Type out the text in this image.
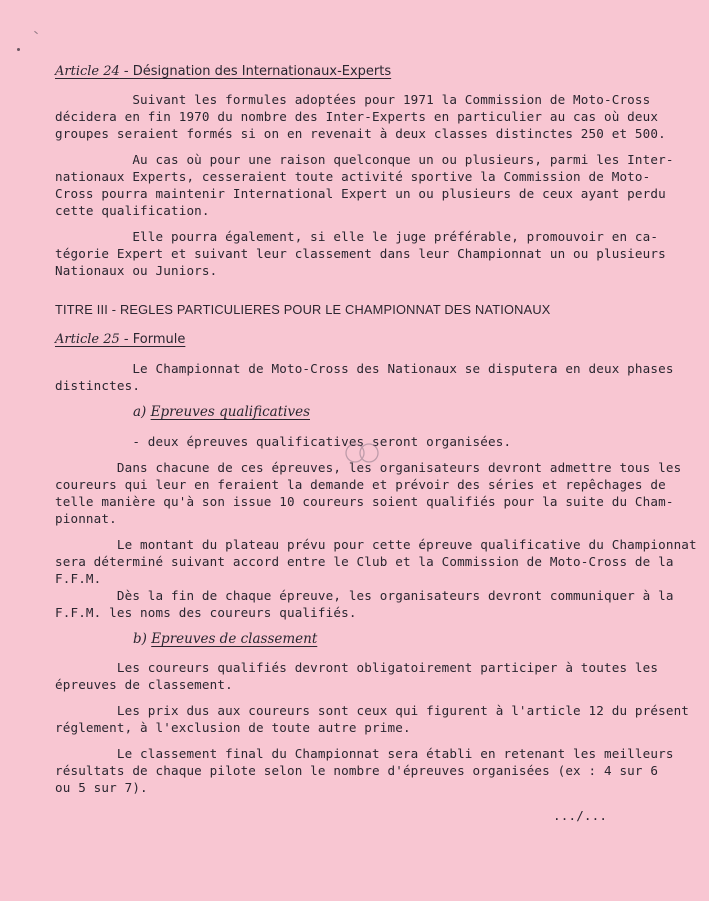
Article 24 - Désignation des Internationaux-Experts
Suivant les formules adoptées pour 1971 la Commission de Moto-Cross
décidera en fin 1970 du nombre des Inter-Experts en particulier au cas où deux
groupes seraient formés si on en revenait à deux classes distinctes 250 et 500.
Au cas où pour une raison quelconque un ou plusieurs, parmi les Inter-
nationaux Experts, cesseraient toute activité sportive la Commission de Moto-
Cross pourra maintenir International Expert un ou plusieurs de ceux ayant perdu
cette qualification.
Elle pourra également, si elle le juge préférable, promouvoir en ca-
tégorie Expert et suivant leur classement dans leur Championnat un ou plusieurs
Nationaux ou Juniors.
TITRE III - REGLES PARTICULIERES POUR LE CHAMPIONNAT DES NATIONAUX
Article 25 - Formule
Le Championnat de Moto-Cross des Nationaux se disputera en deux phases
distinctes.
a) Epreuves qualificatives
- deux épreuves qualificatives seront organisées.
Dans chacune de ces épreuves, les organisateurs devront admettre tous les
coureurs qui leur en feraient la demande et prévoir des séries et repêchages de
telle manière qu'à son issue 10 coureurs soient qualifiés pour la suite du Cham-
pionnat.
Le montant du plateau prévu pour cette épreuve qualificative du Championnat
sera déterminé suivant accord entre le Club et la Commission de Moto-Cross de la
F.F.M.
Dès la fin de chaque épreuve, les organisateurs devront communiquer à la
F.F.M. les noms des coureurs qualifiés.
b) Epreuves de classement
Les coureurs qualifiés devront obligatoirement participer à toutes les
épreuves de classement.
Les prix dus aux coureurs sont ceux qui figurent à l'article 12 du présent
réglement, à l'exclusion de toute autre prime.
Le classement final du Championnat sera établi en retenant les meilleurs
résultats de chaque pilote selon le nombre d'épreuves organisées (ex : 4 sur 6
ou 5 sur 7).
.../...
